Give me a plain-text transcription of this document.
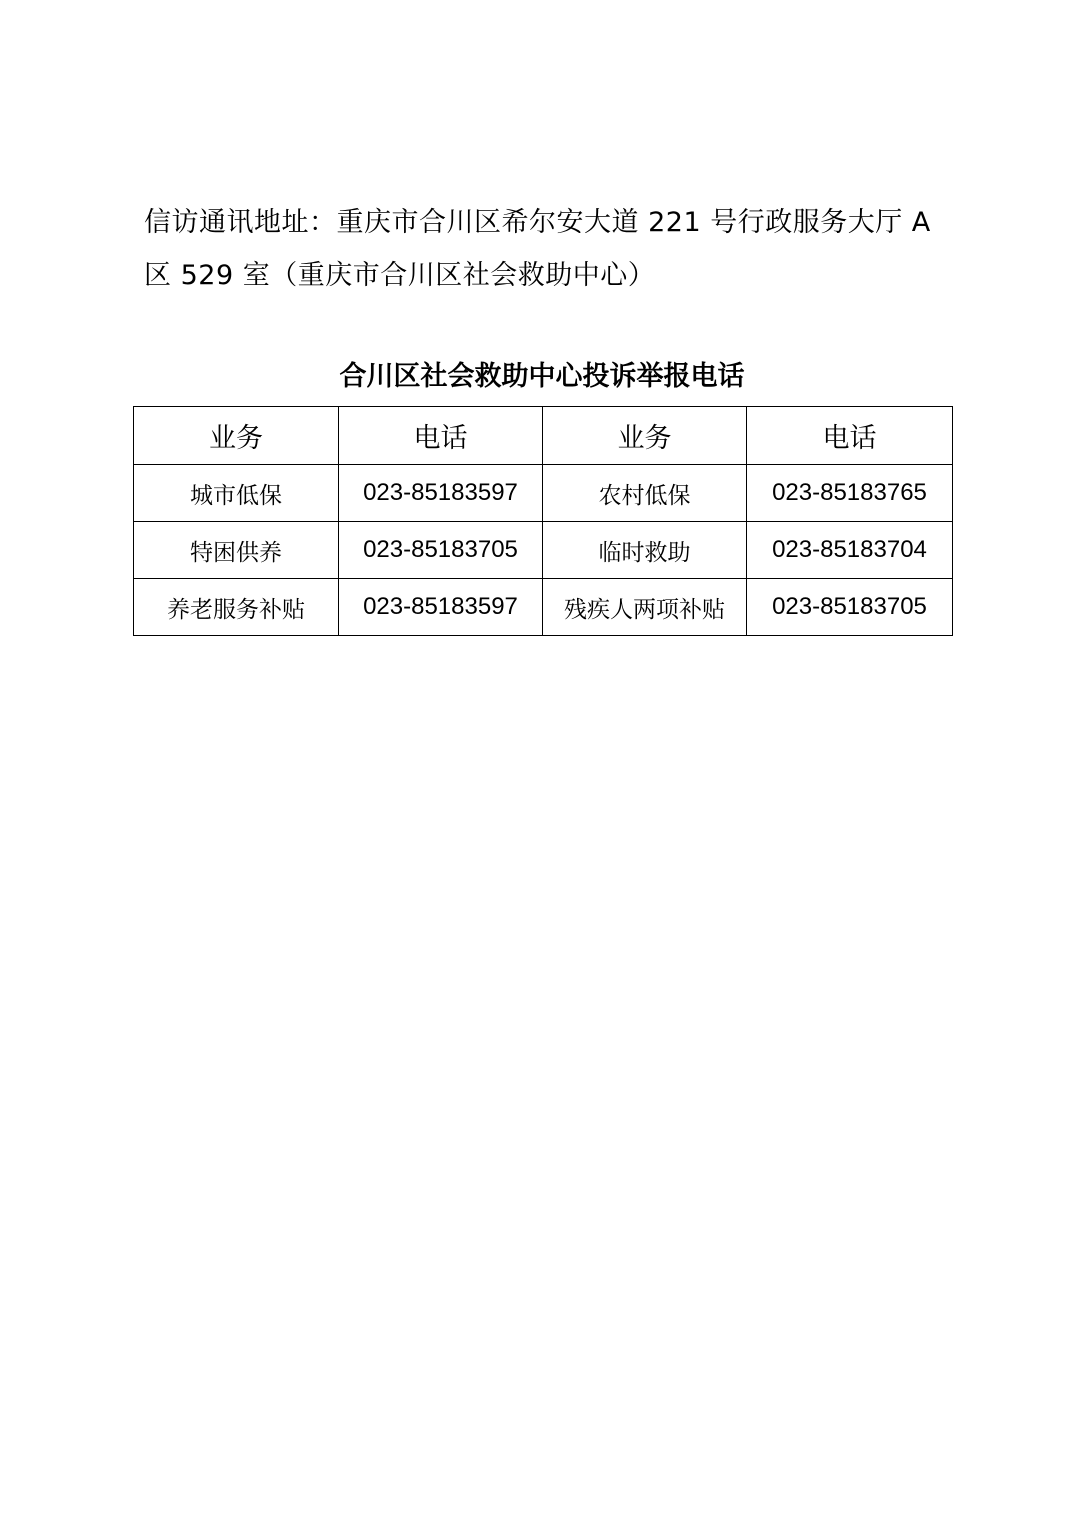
信访通讯地址：重庆市合川区希尔安大道 221 号行政服务大厅 A
区 529 室（重庆市合川区社会救助中心）

合川区社会救助中心投诉举报电话
业务	电话	业务	电话
城市低保	023-85183597	农村低保	023-85183765
特困供养	023-85183705	临时救助	023-85183704
养老服务补贴	023-85183597	残疾人两项补贴	023-85183705
